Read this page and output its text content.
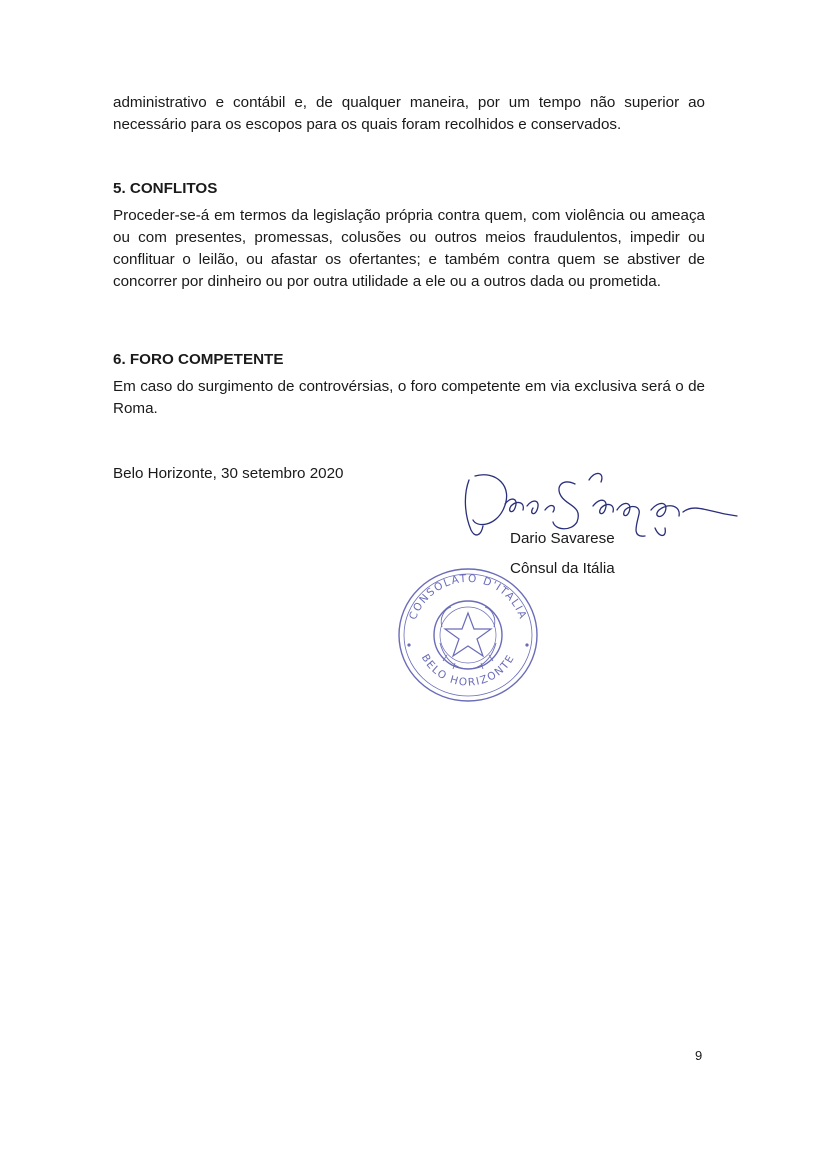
administrativo e contábil e, de qualquer maneira, por um tempo não superior ao necessário para os escopos para os quais foram recolhidos e conservados.

5. CONFLITOS

Proceder-se-á em termos da legislação própria contra quem, com violência ou ameaça ou com presentes, promessas, colusões ou outros meios fraudulentos, impedir ou conflituar o leilão, ou afastar os ofertantes; e também contra quem se abstiver de concorrer por dinheiro ou por outra utilidade a ele ou a outros dada ou prometida.

6. FORO COMPETENTE

Em caso do surgimento de controvérsias, o foro competente em via exclusiva será o de Roma.

Belo Horizonte, 30 setembro 2020

Dario Savarese

Cônsul da Itália

CONSOLATO D'ITALIA
BELO HORIZONTE

9
